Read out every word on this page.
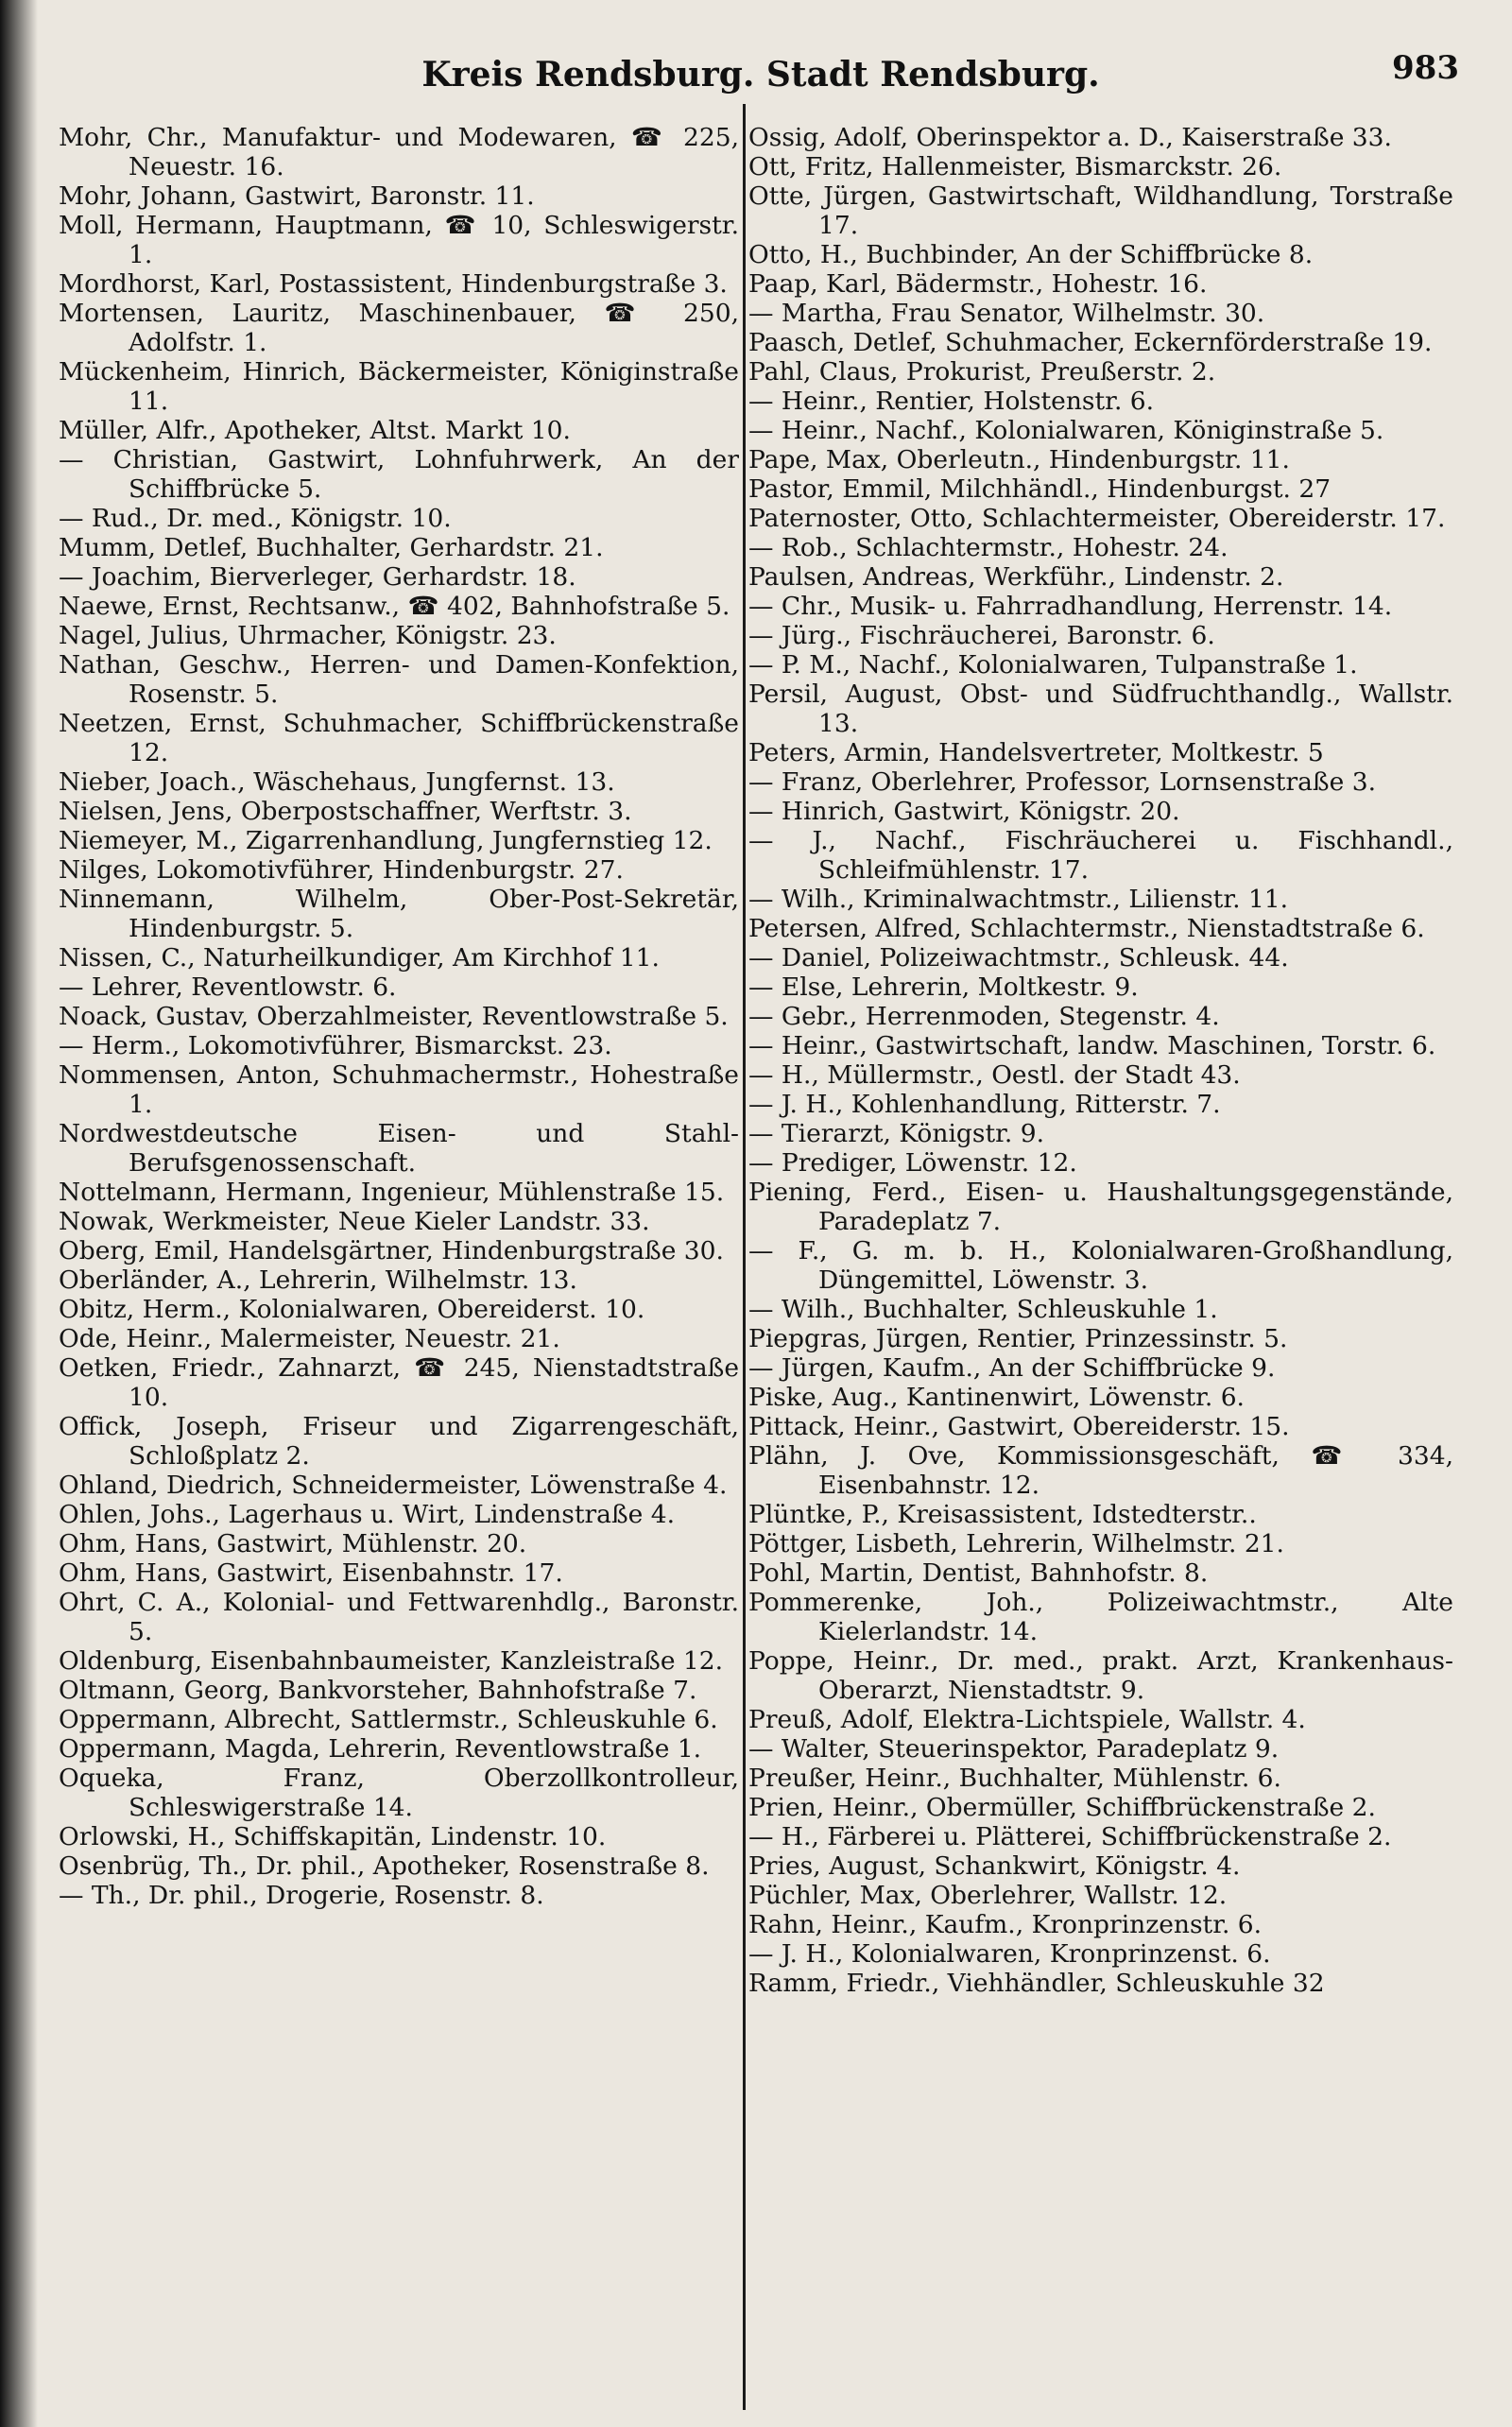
Kreis Rendsburg. Stadt Rendsburg.	983

Mohr, Chr., Manufaktur- und Modewaren, ☎ 225, Neuestr. 16.

Mohr, Johann, Gastwirt, Baronstr. 11.

Moll, Hermann, Hauptmann, ☎ 10, Schleswigerstr. 1.

Mordhorst, Karl, Postassistent, Hindenburgstraße 3.

Mortensen, Lauritz, Maschinenbauer, ☎ 250, Adolfstr. 1.

Mückenheim, Hinrich, Bäckermeister, Königinstraße 11.

Müller, Alfr., Apotheker, Altst. Markt 10.

— Christian, Gastwirt, Lohnfuhrwerk, An der Schiffbrücke 5.

— Rud., Dr. med., Königstr. 10.

Mumm, Detlef, Buchhalter, Gerhardstr. 21.

— Joachim, Bierverleger, Gerhardstr. 18.

Naewe, Ernst, Rechtsanw., ☎ 402, Bahnhofstraße 5.

Nagel, Julius, Uhrmacher, Königstr. 23.

Nathan, Geschw., Herren- und Damen-Konfektion, Rosenstr. 5.

Neetzen, Ernst, Schuhmacher, Schiffbrückenstraße 12.

Nieber, Joach., Wäschehaus, Jungfernst. 13.

Nielsen, Jens, Oberpostschaffner, Werftstr. 3.

Niemeyer, M., Zigarrenhandlung, Jungfernstieg 12.

Nilges, Lokomotivführer, Hindenburgstr. 27.

Ninnemann, Wilhelm, Ober-Post-Sekretär, Hindenburgstr. 5.

Nissen, C., Naturheilkundiger, Am Kirchhof 11.

— Lehrer, Reventlowstr. 6.

Noack, Gustav, Oberzahlmeister, Reventlowstraße 5.

— Herm., Lokomotivführer, Bismarckst. 23.

Nommensen, Anton, Schuhmachermstr., Hohestraße 1.

Nordwestdeutsche Eisen- und Stahl-Berufsgenossenschaft.

Nottelmann, Hermann, Ingenieur, Mühlenstraße 15.

Nowak, Werkmeister, Neue Kieler Landstr. 33.

Oberg, Emil, Handelsgärtner, Hindenburgstraße 30.

Oberländer, A., Lehrerin, Wilhelmstr. 13.

Obitz, Herm., Kolonialwaren, Obereiderst. 10.

Ode, Heinr., Malermeister, Neuestr. 21.

Oetken, Friedr., Zahnarzt, ☎ 245, Nienstadtstraße 10.

Offick, Joseph, Friseur und Zigarrengeschäft, Schloßplatz 2.

Ohland, Diedrich, Schneidermeister, Löwenstraße 4.

Ohlen, Johs., Lagerhaus u. Wirt, Lindenstraße 4.

Ohm, Hans, Gastwirt, Mühlenstr. 20.

Ohm, Hans, Gastwirt, Eisenbahnstr. 17.

Ohrt, C. A., Kolonial- und Fettwarenhdlg., Baronstr. 5.

Oldenburg, Eisenbahnbaumeister, Kanzleistraße 12.

Oltmann, Georg, Bankvorsteher, Bahnhofstraße 7.

Oppermann, Albrecht, Sattlermstr., Schleuskuhle 6.

Oppermann, Magda, Lehrerin, Reventlowstraße 1.

Oqueka, Franz, Oberzollkontrolleur, Schleswigerstraße 14.

Orlowski, H., Schiffskapitän, Lindenstr. 10.

Osenbrüg, Th., Dr. phil., Apotheker, Rosenstraße 8.

— Th., Dr. phil., Drogerie, Rosenstr. 8.

Ossig, Adolf, Oberinspektor a. D., Kaiserstraße 33.

Ott, Fritz, Hallenmeister, Bismarckstr. 26.

Otte, Jürgen, Gastwirtschaft, Wildhandlung, Torstraße 17.

Otto, H., Buchbinder, An der Schiffbrücke 8.

Paap, Karl, Bädermstr., Hohestr. 16.

— Martha, Frau Senator, Wilhelmstr. 30.

Paasch, Detlef, Schuhmacher, Eckernförderstraße 19.

Pahl, Claus, Prokurist, Preußerstr. 2.

— Heinr., Rentier, Holstenstr. 6.

— Heinr., Nachf., Kolonialwaren, Königinstraße 5.

Pape, Max, Oberleutn., Hindenburgstr. 11.

Pastor, Emmil, Milchhändl., Hindenburgst. 27

Paternoster, Otto, Schlachtermeister, Obereiderstr. 17.

— Rob., Schlachtermstr., Hohestr. 24.

Paulsen, Andreas, Werkführ., Lindenstr. 2.

— Chr., Musik- u. Fahrradhandlung, Herrenstr. 14.

— Jürg., Fischräucherei, Baronstr. 6.

— P. M., Nachf., Kolonialwaren, Tulpanstraße 1.

Persil, August, Obst- und Südfruchthandlg., Wallstr. 13.

Peters, Armin, Handelsvertreter, Moltkestr. 5

— Franz, Oberlehrer, Professor, Lornsenstraße 3.

— Hinrich, Gastwirt, Königstr. 20.

— J., Nachf., Fischräucherei u. Fischhandl., Schleifmühlenstr. 17.

— Wilh., Kriminalwachtmstr., Lilienstr. 11.

Petersen, Alfred, Schlachtermstr., Nienstadtstraße 6.

— Daniel, Polizeiwachtmstr., Schleusk. 44.

— Else, Lehrerin, Moltkestr. 9.

— Gebr., Herrenmoden, Stegenstr. 4.

— Heinr., Gastwirtschaft, landw. Maschinen, Torstr. 6.

— H., Müllermstr., Oestl. der Stadt 43.

— J. H., Kohlenhandlung, Ritterstr. 7.

— Tierarzt, Königstr. 9.

— Prediger, Löwenstr. 12.

Piening, Ferd., Eisen- u. Haushaltungsgegenstände, Paradeplatz 7.

— F., G. m. b. H., Kolonialwaren-Großhandlung, Düngemittel, Löwenstr. 3.

— Wilh., Buchhalter, Schleuskuhle 1.

Piepgras, Jürgen, Rentier, Prinzessinstr. 5.

— Jürgen, Kaufm., An der Schiffbrücke 9.

Piske, Aug., Kantinenwirt, Löwenstr. 6.

Pittack, Heinr., Gastwirt, Obereiderstr. 15.

Plähn, J. Ove, Kommissionsgeschäft, ☎ 334, Eisenbahnstr. 12.

Plüntke, P., Kreisassistent, Idstedterstr..

Pöttger, Lisbeth, Lehrerin, Wilhelmstr. 21.

Pohl, Martin, Dentist, Bahnhofstr. 8.

Pommerenke, Joh., Polizeiwachtmstr., Alte Kielerlandstr. 14.

Poppe, Heinr., Dr. med., prakt. Arzt, Krankenhaus-Oberarzt, Nienstadtstr. 9.

Preuß, Adolf, Elektra-Lichtspiele, Wallstr. 4.

— Walter, Steuerinspektor, Paradeplatz 9.

Preußer, Heinr., Buchhalter, Mühlenstr. 6.

Prien, Heinr., Obermüller, Schiffbrückenstraße 2.

— H., Färberei u. Plätterei, Schiffbrückenstraße 2.

Pries, August, Schankwirt, Königstr. 4.

Püchler, Max, Oberlehrer, Wallstr. 12.

Rahn, Heinr., Kaufm., Kronprinzenstr. 6.

— J. H., Kolonialwaren, Kronprinzenst. 6.

Ramm, Friedr., Viehhändler, Schleuskuhle 32
